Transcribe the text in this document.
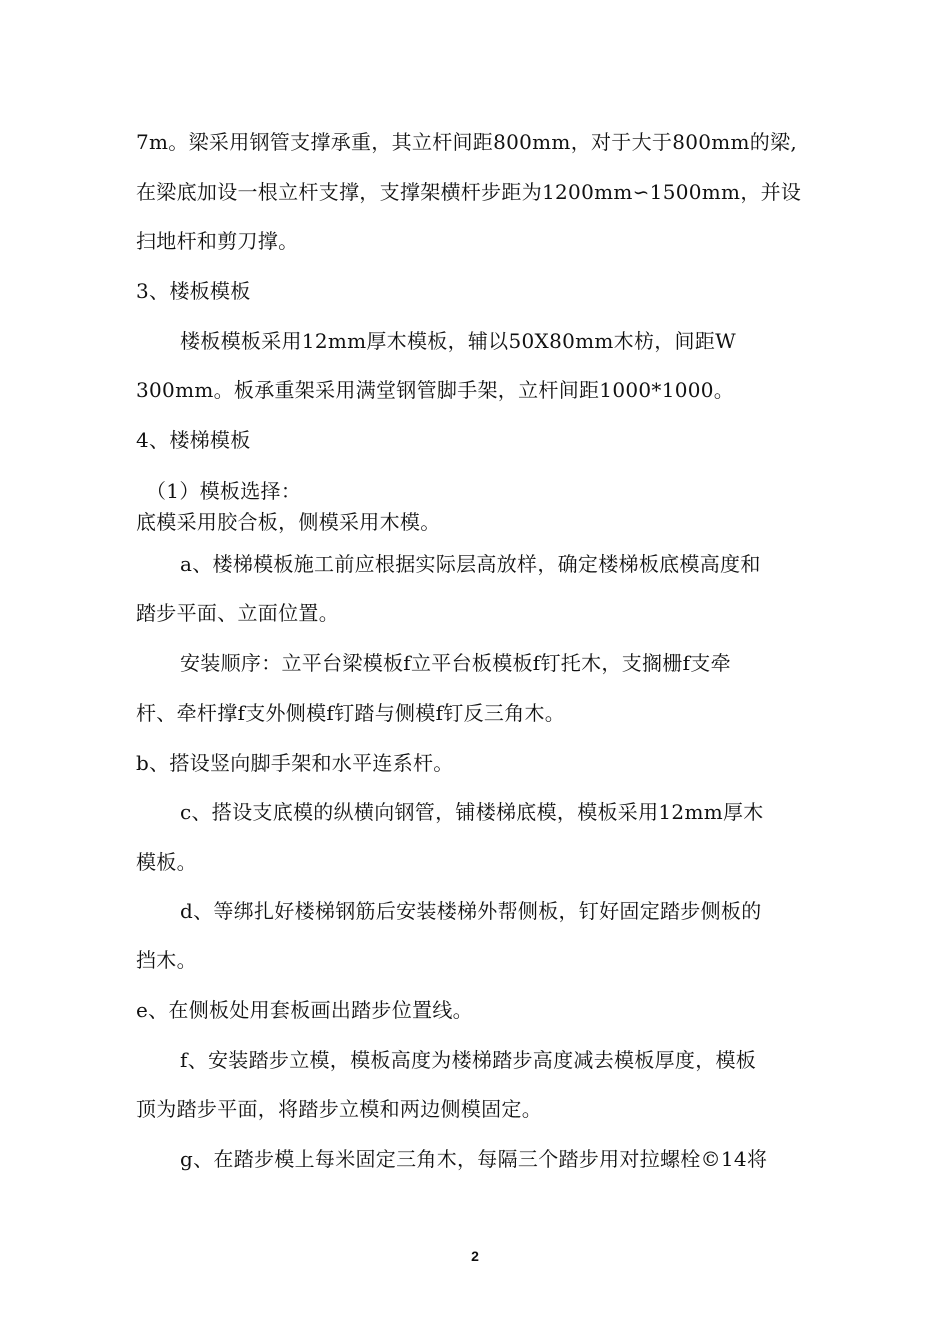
7m。梁采用钢管支撑承重，其立杆间距800mm，对于大于800mm的梁,
在梁底加设一根立杆支撑，支撑架横杆步距为1200mm∽1500mm，并设
扫地杆和剪刀撑。
3、楼板模板
楼板模板采用12mm厚木模板，辅以50X80mm木枋，间距W
300mm。板承重架采用满堂钢管脚手架，立杆间距1000*1000。
4、楼梯模板
（1）模板选择：
底模采用胶合板，侧模采用木模。
a、楼梯模板施工前应根据实际层高放样，确定楼梯板底模高度和
踏步平面、立面位置。
安装顺序：立平台梁模板f立平台板模板f钉托木，支搁栅f支牵
杆、牵杆撑f支外侧模f钉踏与侧模f钉反三角木。
b、搭设竖向脚手架和水平连系杆。
c、搭设支底模的纵横向钢管，铺楼梯底模，模板采用12mm厚木
模板。
d、等绑扎好楼梯钢筋后安装楼梯外帮侧板，钉好固定踏步侧板的
挡木。
e、在侧板处用套板画出踏步位置线。
f、安装踏步立模，模板高度为楼梯踏步高度减去模板厚度，模板
顶为踏步平面，将踏步立模和两边侧模固定。
g、在踏步模上每米固定三角木，每隔三个踏步用对拉螺栓©14将
2
